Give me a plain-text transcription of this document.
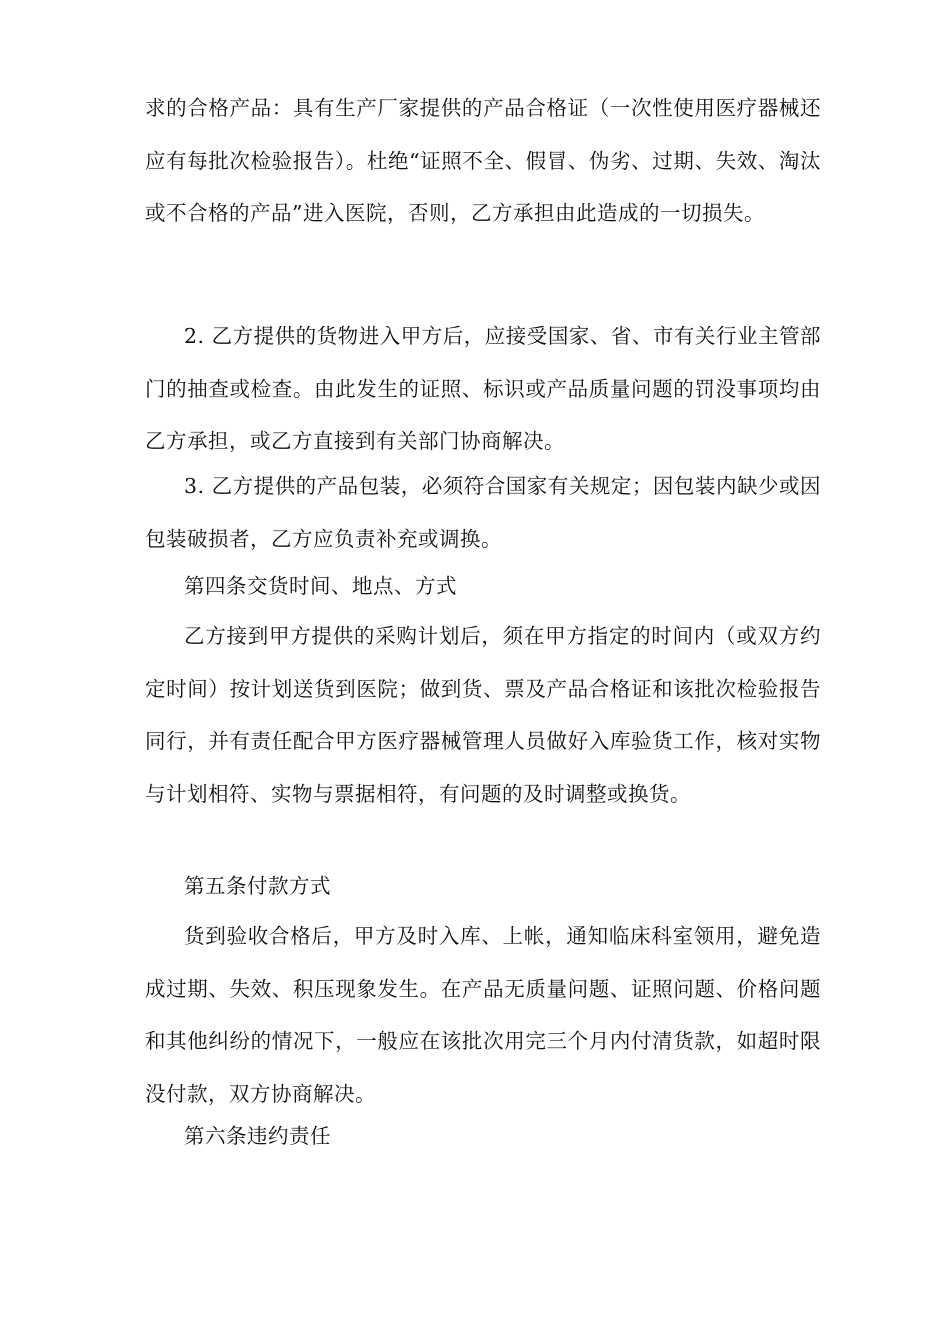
求的合格产品：具有生产厂家提供的产品合格证（一次性使用医疗器械还应有每批次检验报告）。杜绝“证照不全、假冒、伪劣、过期、失效、淘汰或不合格的产品”进入医院，否则，乙方承担由此造成的一切损失。

2. 乙方提供的货物进入甲方后，应接受国家、省、市有关行业主管部门的抽查或检查。由此发生的证照、标识或产品质量问题的罚没事项均由乙方承担，或乙方直接到有关部门协商解决。

3. 乙方提供的产品包装，必须符合国家有关规定；因包装内缺少或因包装破损者，乙方应负责补充或调换。

第四条交货时间、地点、方式

乙方接到甲方提供的采购计划后，须在甲方指定的时间内（或双方约定时间）按计划送货到医院；做到货、票及产品合格证和该批次检验报告同行，并有责任配合甲方医疗器械管理人员做好入库验货工作，核对实物与计划相符、实物与票据相符，有问题的及时调整或换货。

第五条付款方式

货到验收合格后，甲方及时入库、上帐，通知临床科室领用，避免造成过期、失效、积压现象发生。在产品无质量问题、证照问题、价格问题和其他纠纷的情况下，一般应在该批次用完三个月内付清货款，如超时限没付款，双方协商解决。

第六条违约责任
